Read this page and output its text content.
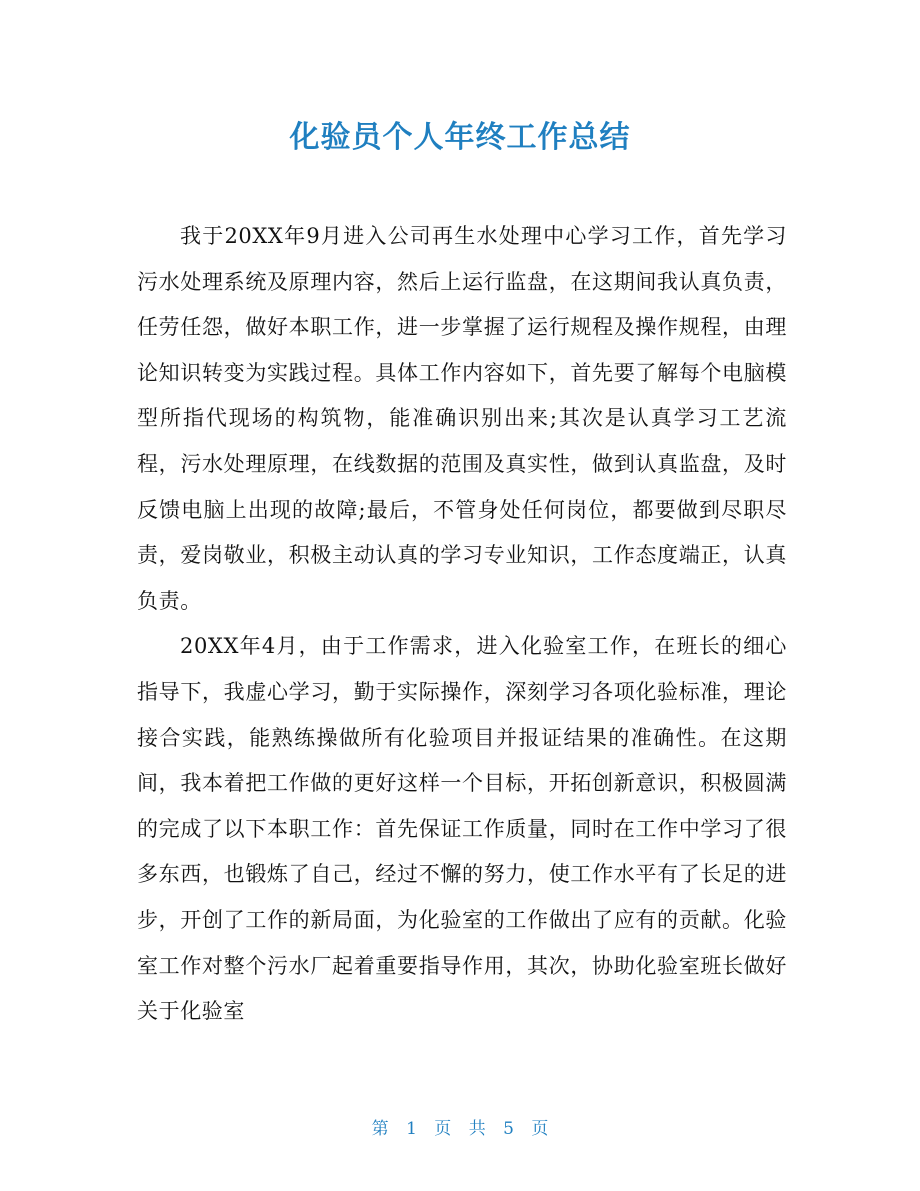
化验员个人年终工作总结

我于20XX年9月进入公司再生水处理中心学习工作，首先学习污水处理系统及原理内容，然后上运行监盘，在这期间我认真负责，任劳任怨，做好本职工作，进一步掌握了运行规程及操作规程，由理论知识转变为实践过程。具体工作内容如下，首先要了解每个电脑模型所指代现场的构筑物，能准确识别出来;其次是认真学习工艺流程，污水处理原理，在线数据的范围及真实性，做到认真监盘，及时反馈电脑上出现的故障;最后，不管身处任何岗位，都要做到尽职尽责，爱岗敬业，积极主动认真的学习专业知识，工作态度端正，认真负责。

20XX年4月，由于工作需求，进入化验室工作，在班长的细心指导下，我虚心学习，勤于实际操作，深刻学习各项化验标准，理论接合实践，能熟练操做所有化验项目并报证结果的准确性。在这期间，我本着把工作做的更好这样一个目标，开拓创新意识，积极圆满的完成了以下本职工作：首先保证工作质量，同时在工作中学习了很多东西，也锻炼了自己，经过不懈的努力，使工作水平有了长足的进步，开创了工作的新局面，为化验室的工作做出了应有的贡献。化验室工作对整个污水厂起着重要指导作用，其次，协助化验室班长做好关于化验室

第 1 页 共 5 页
